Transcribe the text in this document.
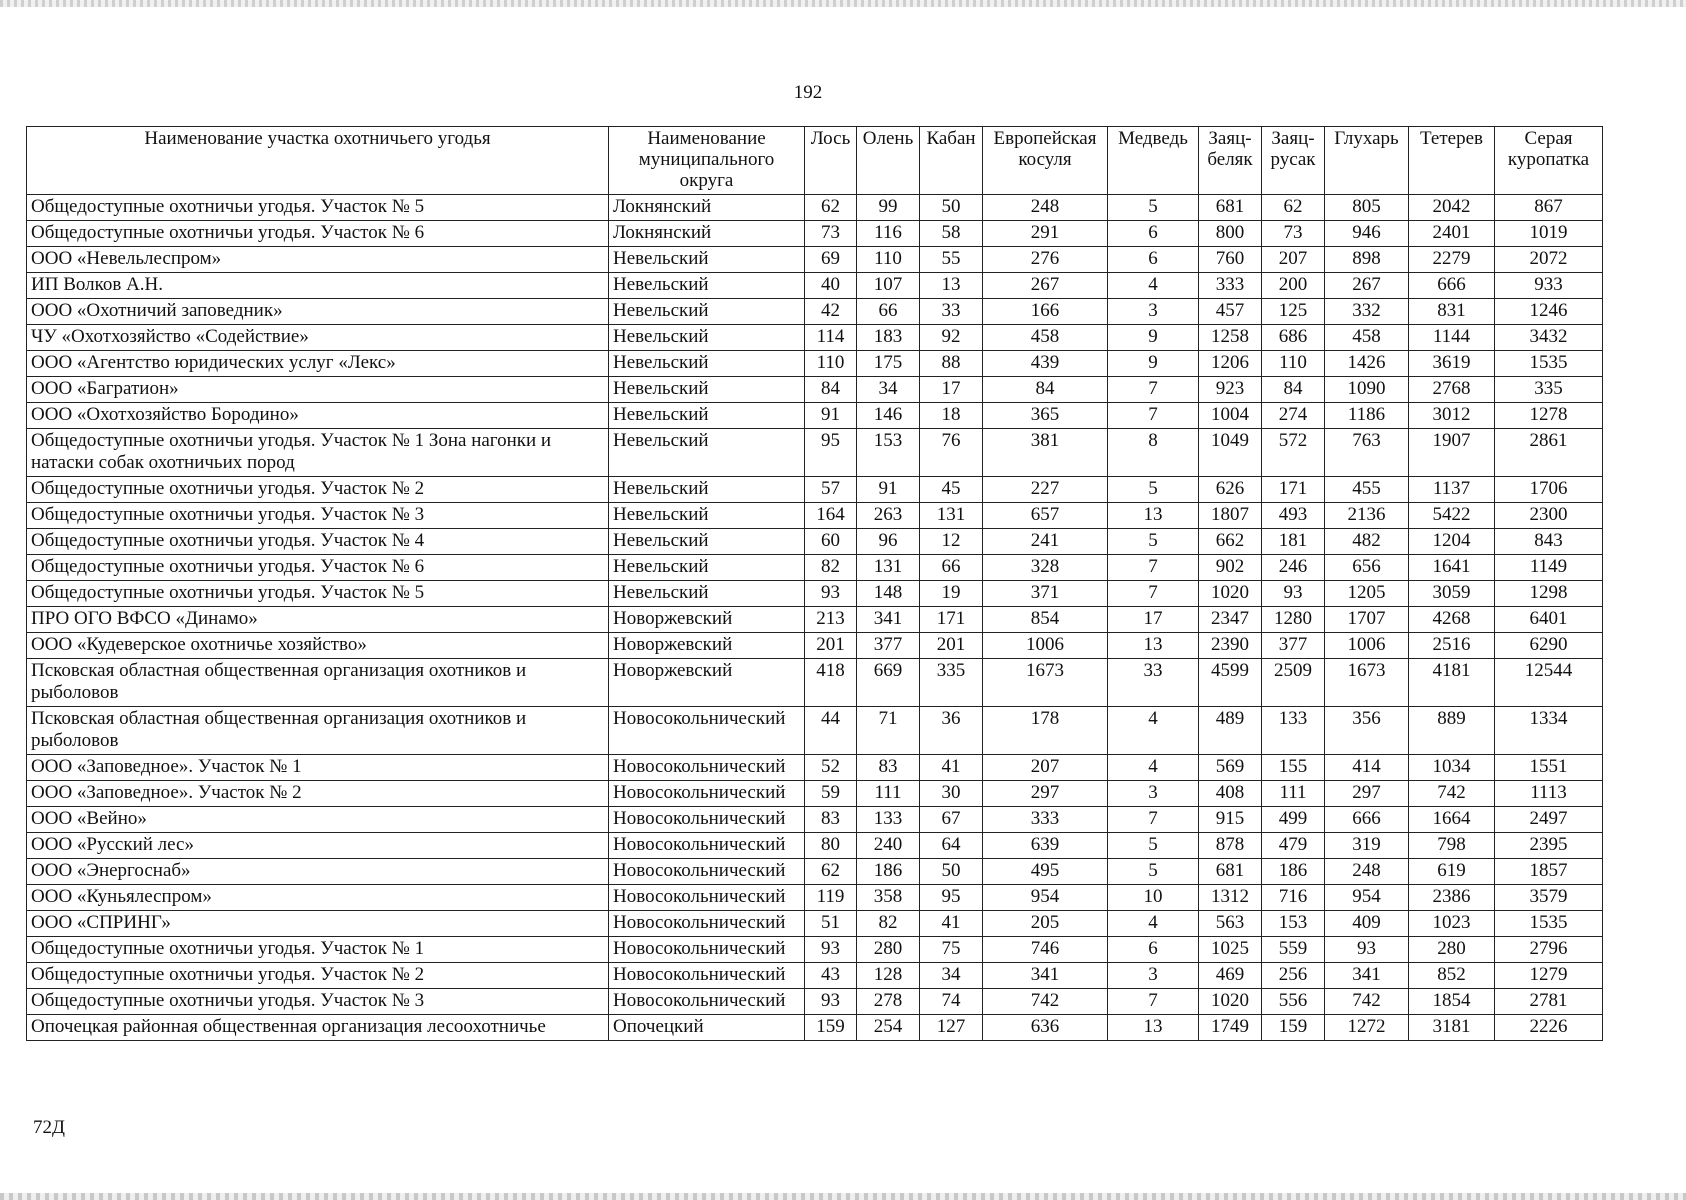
192
Наименование участка охотничьего угодья	Наименование муниципального округа	Лось	Олень	Кабан	Европейская косуля	Медведь	Заяц-беляк	Заяц-русак	Глухарь	Тетерев	Серая куропатка
Общедоступные охотничьи угодья. Участок № 5	Локнянский	62	99	50	248	5	681	62	805	2042	867
Общедоступные охотничьи угодья. Участок № 6	Локнянский	73	116	58	291	6	800	73	946	2401	1019
ООО «Невельлеспром»	Невельский	69	110	55	276	6	760	207	898	2279	2072
ИП Волков А.Н.	Невельский	40	107	13	267	4	333	200	267	666	933
ООО «Охотничий заповедник»	Невельский	42	66	33	166	3	457	125	332	831	1246
ЧУ «Охотхозяйство «Содействие»	Невельский	114	183	92	458	9	1258	686	458	1144	3432
ООО «Агентство юридических услуг «Лекс»	Невельский	110	175	88	439	9	1206	110	1426	3619	1535
ООО «Багратион»	Невельский	84	34	17	84	7	923	84	1090	2768	335
ООО «Охотхозяйство Бородино»	Невельский	91	146	18	365	7	1004	274	1186	3012	1278
Общедоступные охотничьи угодья. Участок № 1 Зона нагонки и натаски собак охотничьих пород	Невельский	95	153	76	381	8	1049	572	763	1907	2861
Общедоступные охотничьи угодья. Участок № 2	Невельский	57	91	45	227	5	626	171	455	1137	1706
Общедоступные охотничьи угодья. Участок № 3	Невельский	164	263	131	657	13	1807	493	2136	5422	2300
Общедоступные охотничьи угодья. Участок № 4	Невельский	60	96	12	241	5	662	181	482	1204	843
Общедоступные охотничьи угодья. Участок № 6	Невельский	82	131	66	328	7	902	246	656	1641	1149
Общедоступные охотничьи угодья. Участок № 5	Невельский	93	148	19	371	7	1020	93	1205	3059	1298
ПРО ОГО ВФСО «Динамо»	Новоржевский	213	341	171	854	17	2347	1280	1707	4268	6401
ООО «Кудеверское охотничье хозяйство»	Новоржевский	201	377	201	1006	13	2390	377	1006	2516	6290
Псковская областная общественная организация охотников и рыболовов	Новоржевский	418	669	335	1673	33	4599	2509	1673	4181	12544
Псковская областная общественная организация охотников и рыболовов	Новосокольнический	44	71	36	178	4	489	133	356	889	1334
ООО «Заповедное». Участок № 1	Новосокольнический	52	83	41	207	4	569	155	414	1034	1551
ООО «Заповедное». Участок № 2	Новосокольнический	59	111	30	297	3	408	111	297	742	1113
ООО «Вейно»	Новосокольнический	83	133	67	333	7	915	499	666	1664	2497
ООО «Русский лес»	Новосокольнический	80	240	64	639	5	878	479	319	798	2395
ООО «Энергоснаб»	Новосокольнический	62	186	50	495	5	681	186	248	619	1857
ООО «Куньялеспром»	Новосокольнический	119	358	95	954	10	1312	716	954	2386	3579
ООО «СПРИНГ»	Новосокольнический	51	82	41	205	4	563	153	409	1023	1535
Общедоступные охотничьи угодья. Участок № 1	Новосокольнический	93	280	75	746	6	1025	559	93	280	2796
Общедоступные охотничьи угодья. Участок № 2	Новосокольнический	43	128	34	341	3	469	256	341	852	1279
Общедоступные охотничьи угодья. Участок № 3	Новосокольнический	93	278	74	742	7	1020	556	742	1854	2781
Опочецкая районная общественная организация лесоохотничье	Опочецкий	159	254	127	636	13	1749	159	1272	3181	2226
72Д
